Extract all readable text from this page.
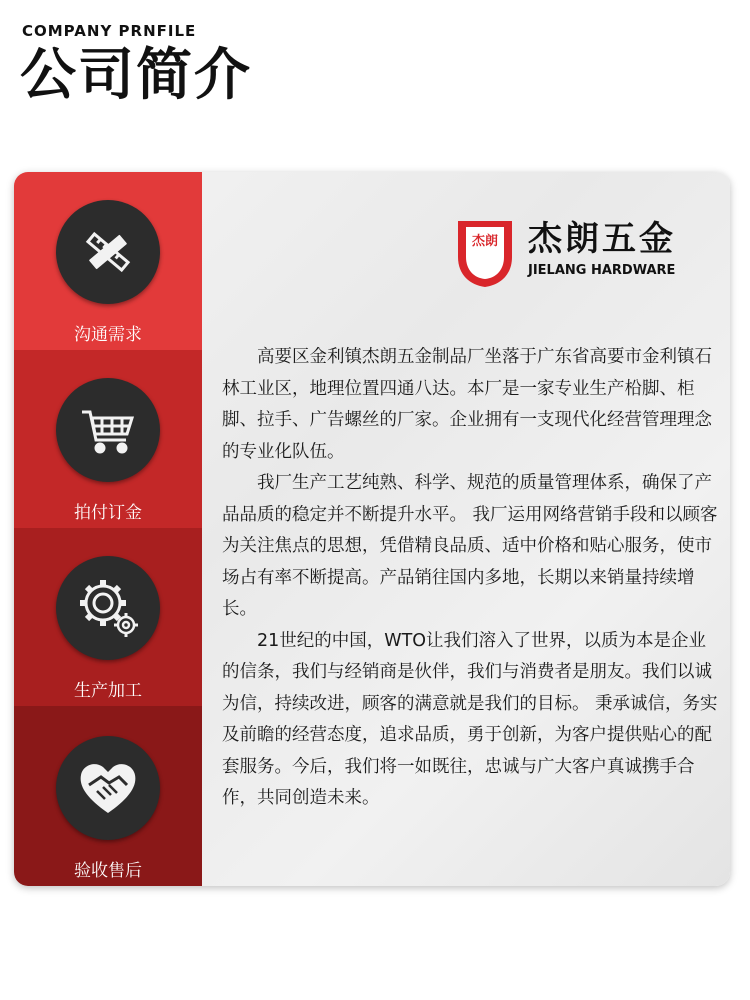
COMPANY PRNFILE
公司简介
沟通需求
拍付订金
生产加工
验收售后
杰朗 杰朗五金
JIELANG HARDWARE

　　高要区金利镇杰朗五金制品厂坐落于广东省高要市金利镇石林工业区，地理位置四通八达。本厂是一家专业生产柗脚、柜脚、拉手、广告螺丝的厂家。企业拥有一支现代化经营管理理念的专业化队伍。

　　我厂生产工艺纯熟、科学、规范的质量管理体系，确保了产品品质的稳定并不断提升水平。 我厂运用网络营销手段和以顾客为关注焦点的思想，凭借精良品质、适中价格和贴心服务，使市场占有率不断提高。产品销往国内多地，长期以来销量持续增长。

　　21世纪的中国，WTO让我们溶入了世界，以质为本是企业的信条，我们与经销商是伙伴，我们与消费者是朋友。我们以诚为信，持续改进，顾客的满意就是我们的目标。 秉承诚信，务实及前瞻的经营态度，追求品质，勇于创新，为客户提供贴心的配套服务。今后，我们将一如既往，忠诚与广大客户真诚携手合作，共同创造未来。
